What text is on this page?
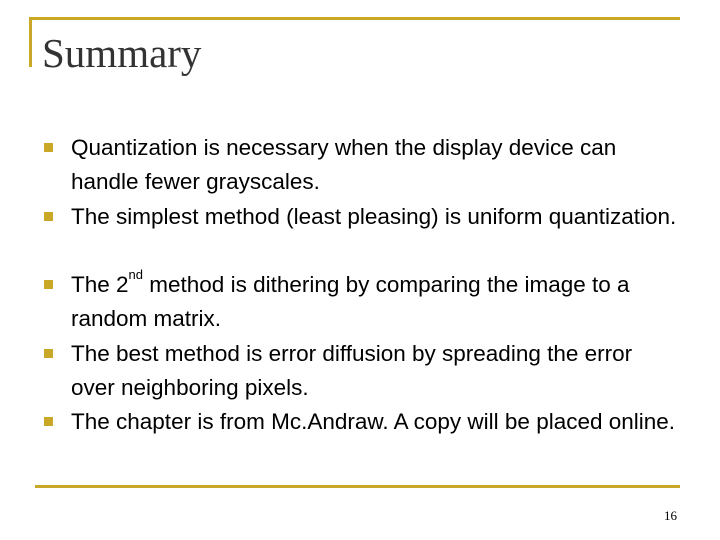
Summary
Quantization is necessary when the display device can handle fewer grayscales.
The simplest method (least pleasing) is uniform quantization.
The 2nd method is dithering by comparing the image to a random matrix.
The best method is error diffusion by spreading the error over neighboring pixels.
The chapter is from Mc.Andraw. A copy will be placed online.
16
